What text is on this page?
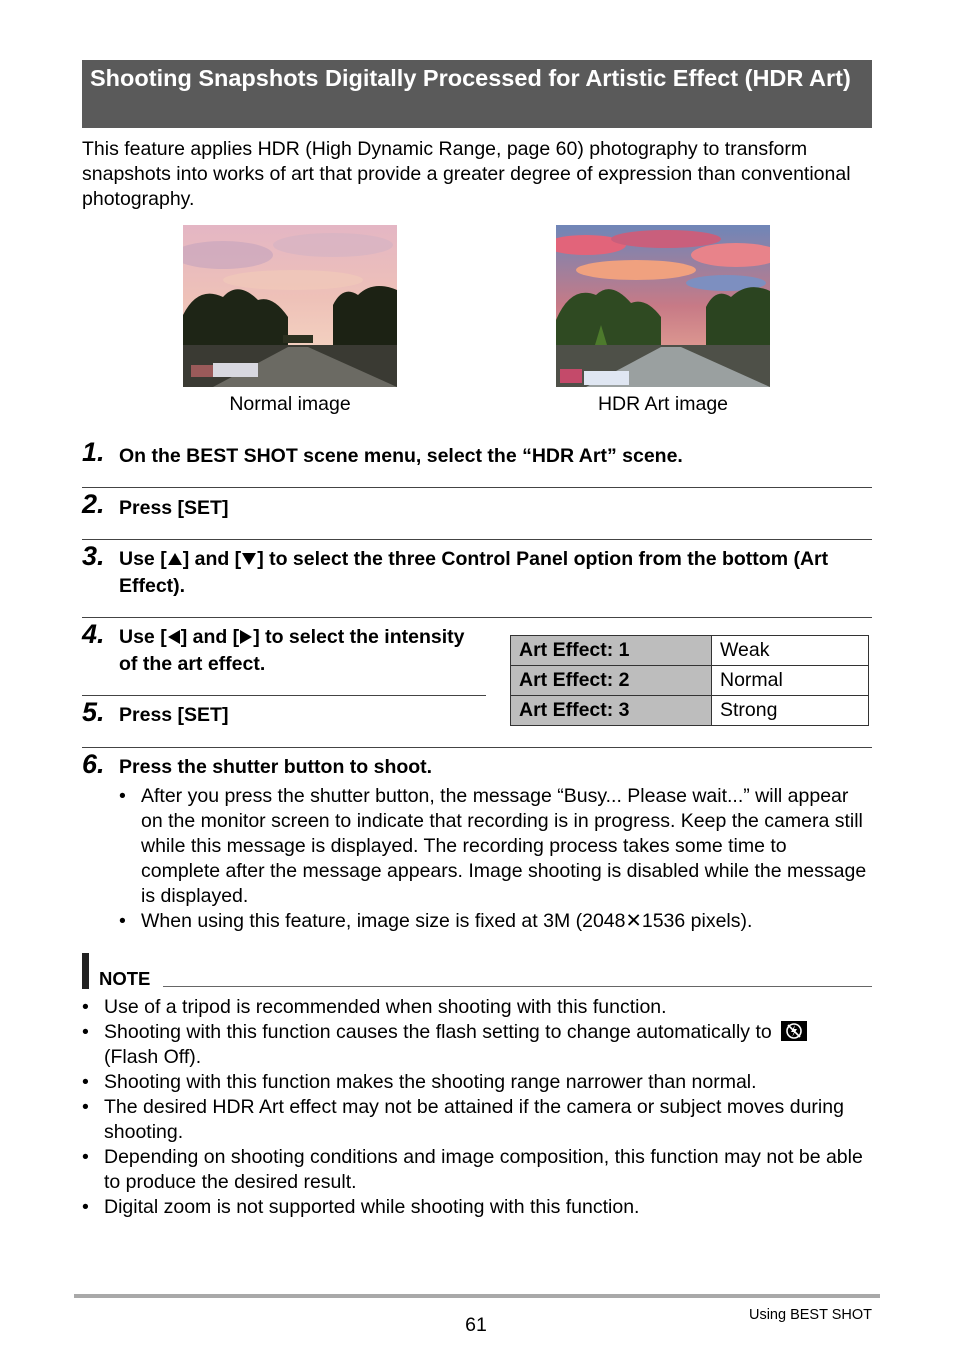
Shooting Snapshots Digitally Processed for Artistic Effect (HDR Art)
This feature applies HDR (High Dynamic Range, page 60) photography to transform snapshots into works of art that provide a greater degree of expression than conventional photography.
Normal image	HDR Art image
1. On the BEST SHOT scene menu, select the “HDR Art” scene.
2. Press [SET]
3. Use [ ] and [ ] to select the three Control Panel option from the bottom (Art Effect).
4. Use [ ] and [ ] to select the intensity of the art effect.
Art Effect: 1	Weak
Art Effect: 2	Normal
Art Effect: 3	Strong
5. Press [SET]
6. Press the shutter button to shoot.
• After you press the shutter button, the message “Busy... Please wait...” will appear on the monitor screen to indicate that recording is in progress. Keep the camera still while this message is displayed. The recording process takes some time to complete after the message appears. Image shooting is disabled while the message is displayed.
• When using this feature, image size is fixed at 3M (2048✕1536 pixels).
NOTE
• Use of a tripod is recommended when shooting with this function.
• Shooting with this function causes the flash setting to change automatically to
(Flash Off).
• Shooting with this function makes the shooting range narrower than normal.
• The desired HDR Art effect may not be attained if the camera or subject moves during shooting.
• Depending on shooting conditions and image composition, this function may not be able to produce the desired result.
• Digital zoom is not supported while shooting with this function.
61	Using BEST SHOT
